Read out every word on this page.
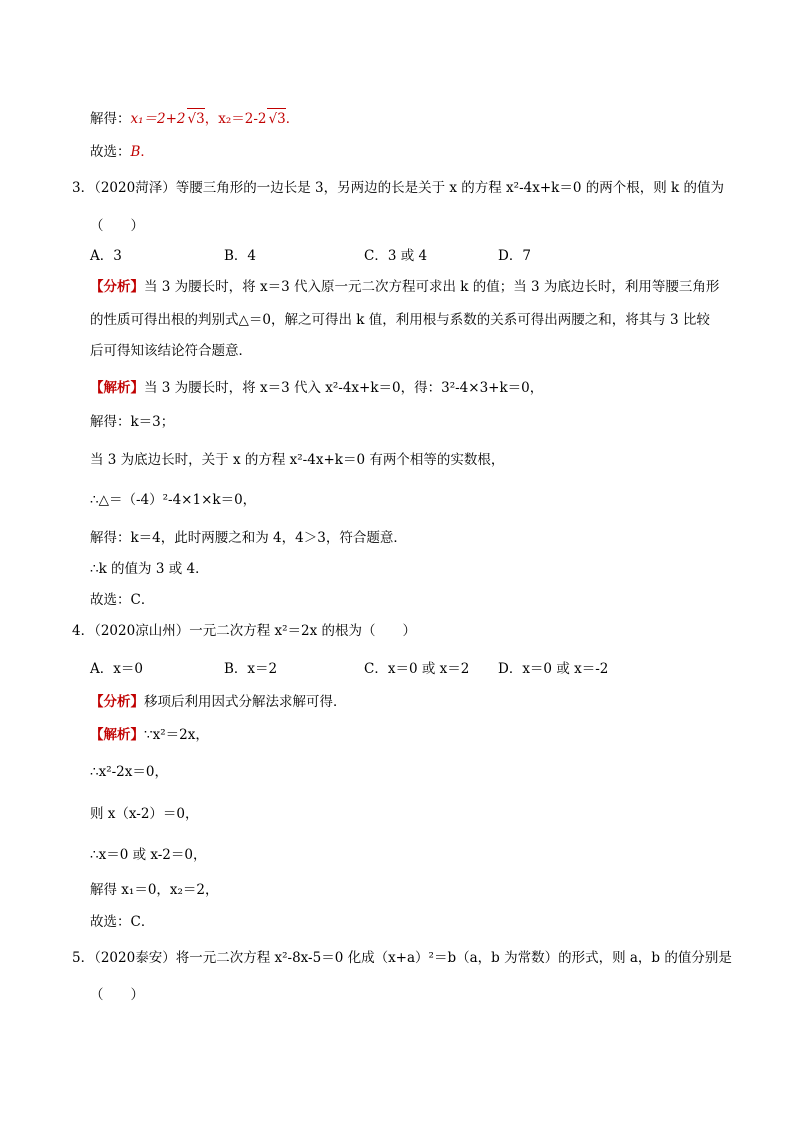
解得：x₁＝2+2 √3，x₂＝2-2 √3．
故选：B．
3．（2020菏泽）等腰三角形的一边长是 3，另两边的长是关于 x 的方程 x²-4x+k＝0 的两个根，则 k 的值为
（　　）
A．3	B．4	C．3 或 4	D．7
【分析】当 3 为腰长时，将 x＝3 代入原一元二次方程可求出 k 的值；当 3 为底边长时，利用等腰三角形
的性质可得出根的判别式△＝0，解之可得出 k 值，利用根与系数的关系可得出两腰之和，将其与 3 比较
后可得知该结论符合题意．
【解析】当 3 为腰长时，将 x＝3 代入 x²-4x+k＝0，得：3²-4×3+k＝0，
解得：k＝3；
当 3 为底边长时，关于 x 的方程 x²-4x+k＝0 有两个相等的实数根，
∴△＝（-4）²-4×1×k＝0，
解得：k＝4，此时两腰之和为 4，4＞3，符合题意．
∴k 的值为 3 或 4．
故选：C．
4．（2020凉山州）一元二次方程 x²＝2x 的根为（　　）
A．x＝0	B．x＝2	C．x＝0 或 x＝2 D．x＝0 或 x＝-2
【分析】移项后利用因式分解法求解可得．
【解析】∵x²＝2x，
∴x²-2x＝0，
则 x（x-2）＝0，
∴x＝0 或 x-2＝0，
解得 x₁＝0，x₂＝2，
故选：C．
5．（2020泰安）将一元二次方程 x²-8x-5＝0 化成（x+a）²＝b（a，b 为常数）的形式，则 a，b 的值分别是
（　　）
